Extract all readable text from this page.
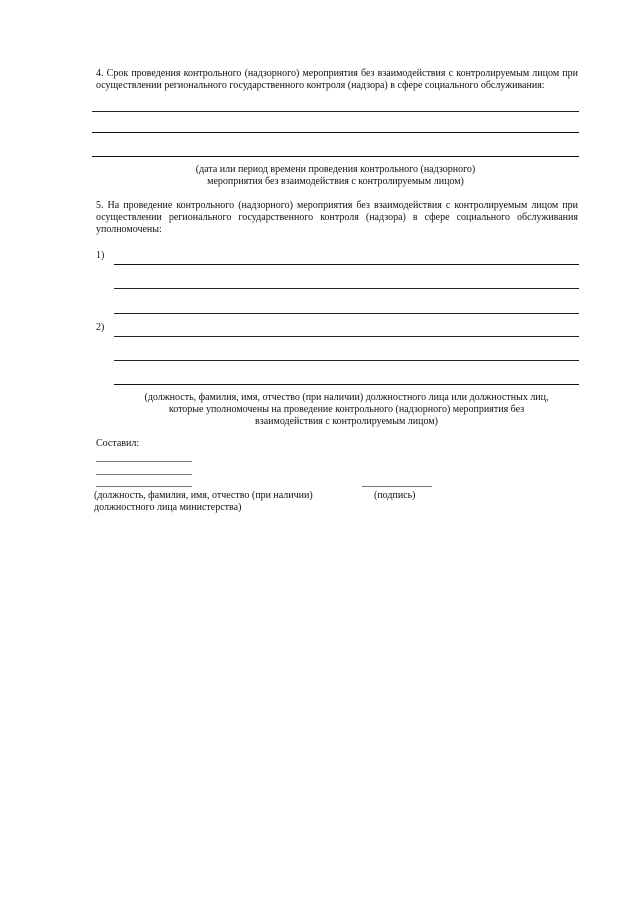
4. Срок проведения контрольного (надзорного) мероприятия без взаимодействия с контролируемым лицом при осуществлении регионального государственного контроля (надзора) в сфере социального обслуживания:
(дата или период времени проведения контрольного (надзорного)
мероприятия без взаимодействия с контролируемым лицом)
5. На проведение контрольного (надзорного) мероприятия без взаимодействия с контролируемым лицом при осуществлении регионального государственного контроля (надзора) в сфере социального обслуживания уполномочены:
1)
2)
(должность, фамилия, имя, отчество (при наличии) должностного лица или должностных лиц,
которые уполномочены на проведение контрольного (надзорного) мероприятия без
взаимодействия с контролируемым лицом)
Составил:
(должность, фамилия, имя, отчество (при наличии)
должностного лица министерства)
(подпись)
